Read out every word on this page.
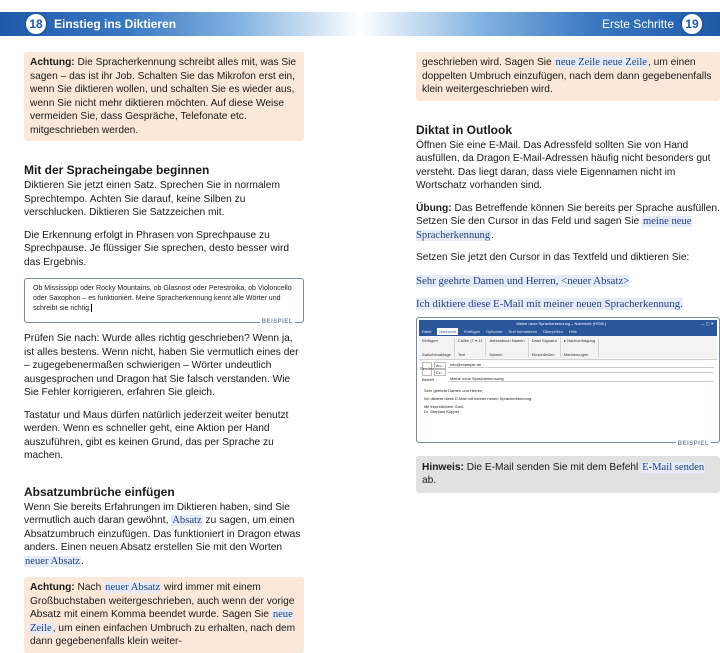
18 Einstieg ins Diktieren
Achtung: Die Spracherkennung schreibt alles mit, was Sie sagen – das ist ihr Job. Schalten Sie das Mikrofon erst ein, wenn Sie diktieren wollen, und schalten Sie es wieder aus, wenn Sie nicht mehr diktieren möchten. Auf diese Weise vermeiden Sie, dass Gespräche, Telefonate etc. mitgeschrieben werden.
Mit der Spracheingabe beginnen

Diktieren Sie jetzt einen Satz. Sprechen Sie in normalem Sprechtempo. Achten Sie darauf, keine Silben zu verschlucken. Diktieren Sie Satzzeichen mit.

Die Erkennung erfolgt in Phrasen von Sprechpause zu Sprechpause. Je flüssiger Sie sprechen, desto besser wird das Ergebnis.

Ob Mississippi oder Rocky Mountains, ob Glasnost oder Perestroika, ob Violoncello oder Saxophon – es funktioniert. Meine Spracherkennung kennt alle Wörter und schreibt sie richtig.
BEISPIEL

Prüfen Sie nach: Wurde alles richtig geschrieben? Wenn ja, ist alles bestens. Wenn nicht, haben Sie vermutlich eines der – zugegebenermaßen schwierigen – Wörter undeutlich ausgesprochen und Dragon hat Sie falsch verstanden. Wie Sie Fehler korrigieren, erfahren Sie gleich.

Tastatur und Maus dürfen natürlich jederzeit weiter benutzt werden. Wenn es schneller geht, eine Aktion per Hand auszuführen, gibt es keinen Grund, das per Sprache zu machen.

Absatzumbrüche einfügen

Wenn Sie bereits Erfahrungen im Diktieren haben, sind Sie vermutlich auch daran gewöhnt, Absatz zu sagen, um einen Absatzumbruch einzufügen. Das funktioniert in Dragon etwas anders. Einen neuen Absatz erstellen Sie mit den Worten neuer Absatz.

Achtung: Nach neuer Absatz wird immer mit einem Großbuchstaben weitergeschrieben, auch wenn der vorige Absatz mit einem Komma beendet wurde. Sagen Sie neue Zeile, um einen einfachen Umbruch zu erhalten, nach dem dann gegebenenfalls klein weiter-
Erste Schritte 19
geschrieben wird. Sagen Sie neue Zeile neue Zeile, um einen doppelten Umbruch einzufügen, nach dem dann gegebenenfalls klein weitergeschrieben wird.
Diktat in Outlook

Öffnen Sie eine E-Mail. Das Adressfeld sollten Sie von Hand ausfüllen, da Dragon E-Mail-Adressen häufig nicht besonders gut versteht. Das liegt daran, dass viele Eigennamen nicht im Wortschatz vorhanden sind.

Übung: Das Betreffende können Sie bereits per Sprache ausfüllen. Setzen Sie den Cursor in das Feld und sagen Sie meine neue Spracherkennung.

Setzen Sie jetzt den Cursor in das Textfeld und diktieren Sie:

Sehr geehrte Damen und Herren, <neuer Absatz>
Ich diktiere diese E-Mail mit meiner neuen Spracherkennung.
Meine neue Spracherkennung – Nachricht (HTML)	— ▢ ✕
Datei	Nachricht	Einfügen Optionen Text formatieren Überprüfen Hilfe
Einfügen
Zwischenablage
Calibri (T ▾ 11
Text
Adressbuch Namen
Namen
Datei Signatur
Einschließen
▸ Nachverfolgung
Markierungen
Senden
An...	info@example.de
Cc...
Betreff	Meine neue Spracherkennung
Sehr geehrte Damen und Herren,
Ich diktiere diese E-Mail mit meiner neuen Spracherkennung.
Mit freundlichem Gruß
Dr. Stephan Küpper
BEISPIEL
Hinweis: Die E-Mail senden Sie mit dem Befehl E-Mail senden ab.
